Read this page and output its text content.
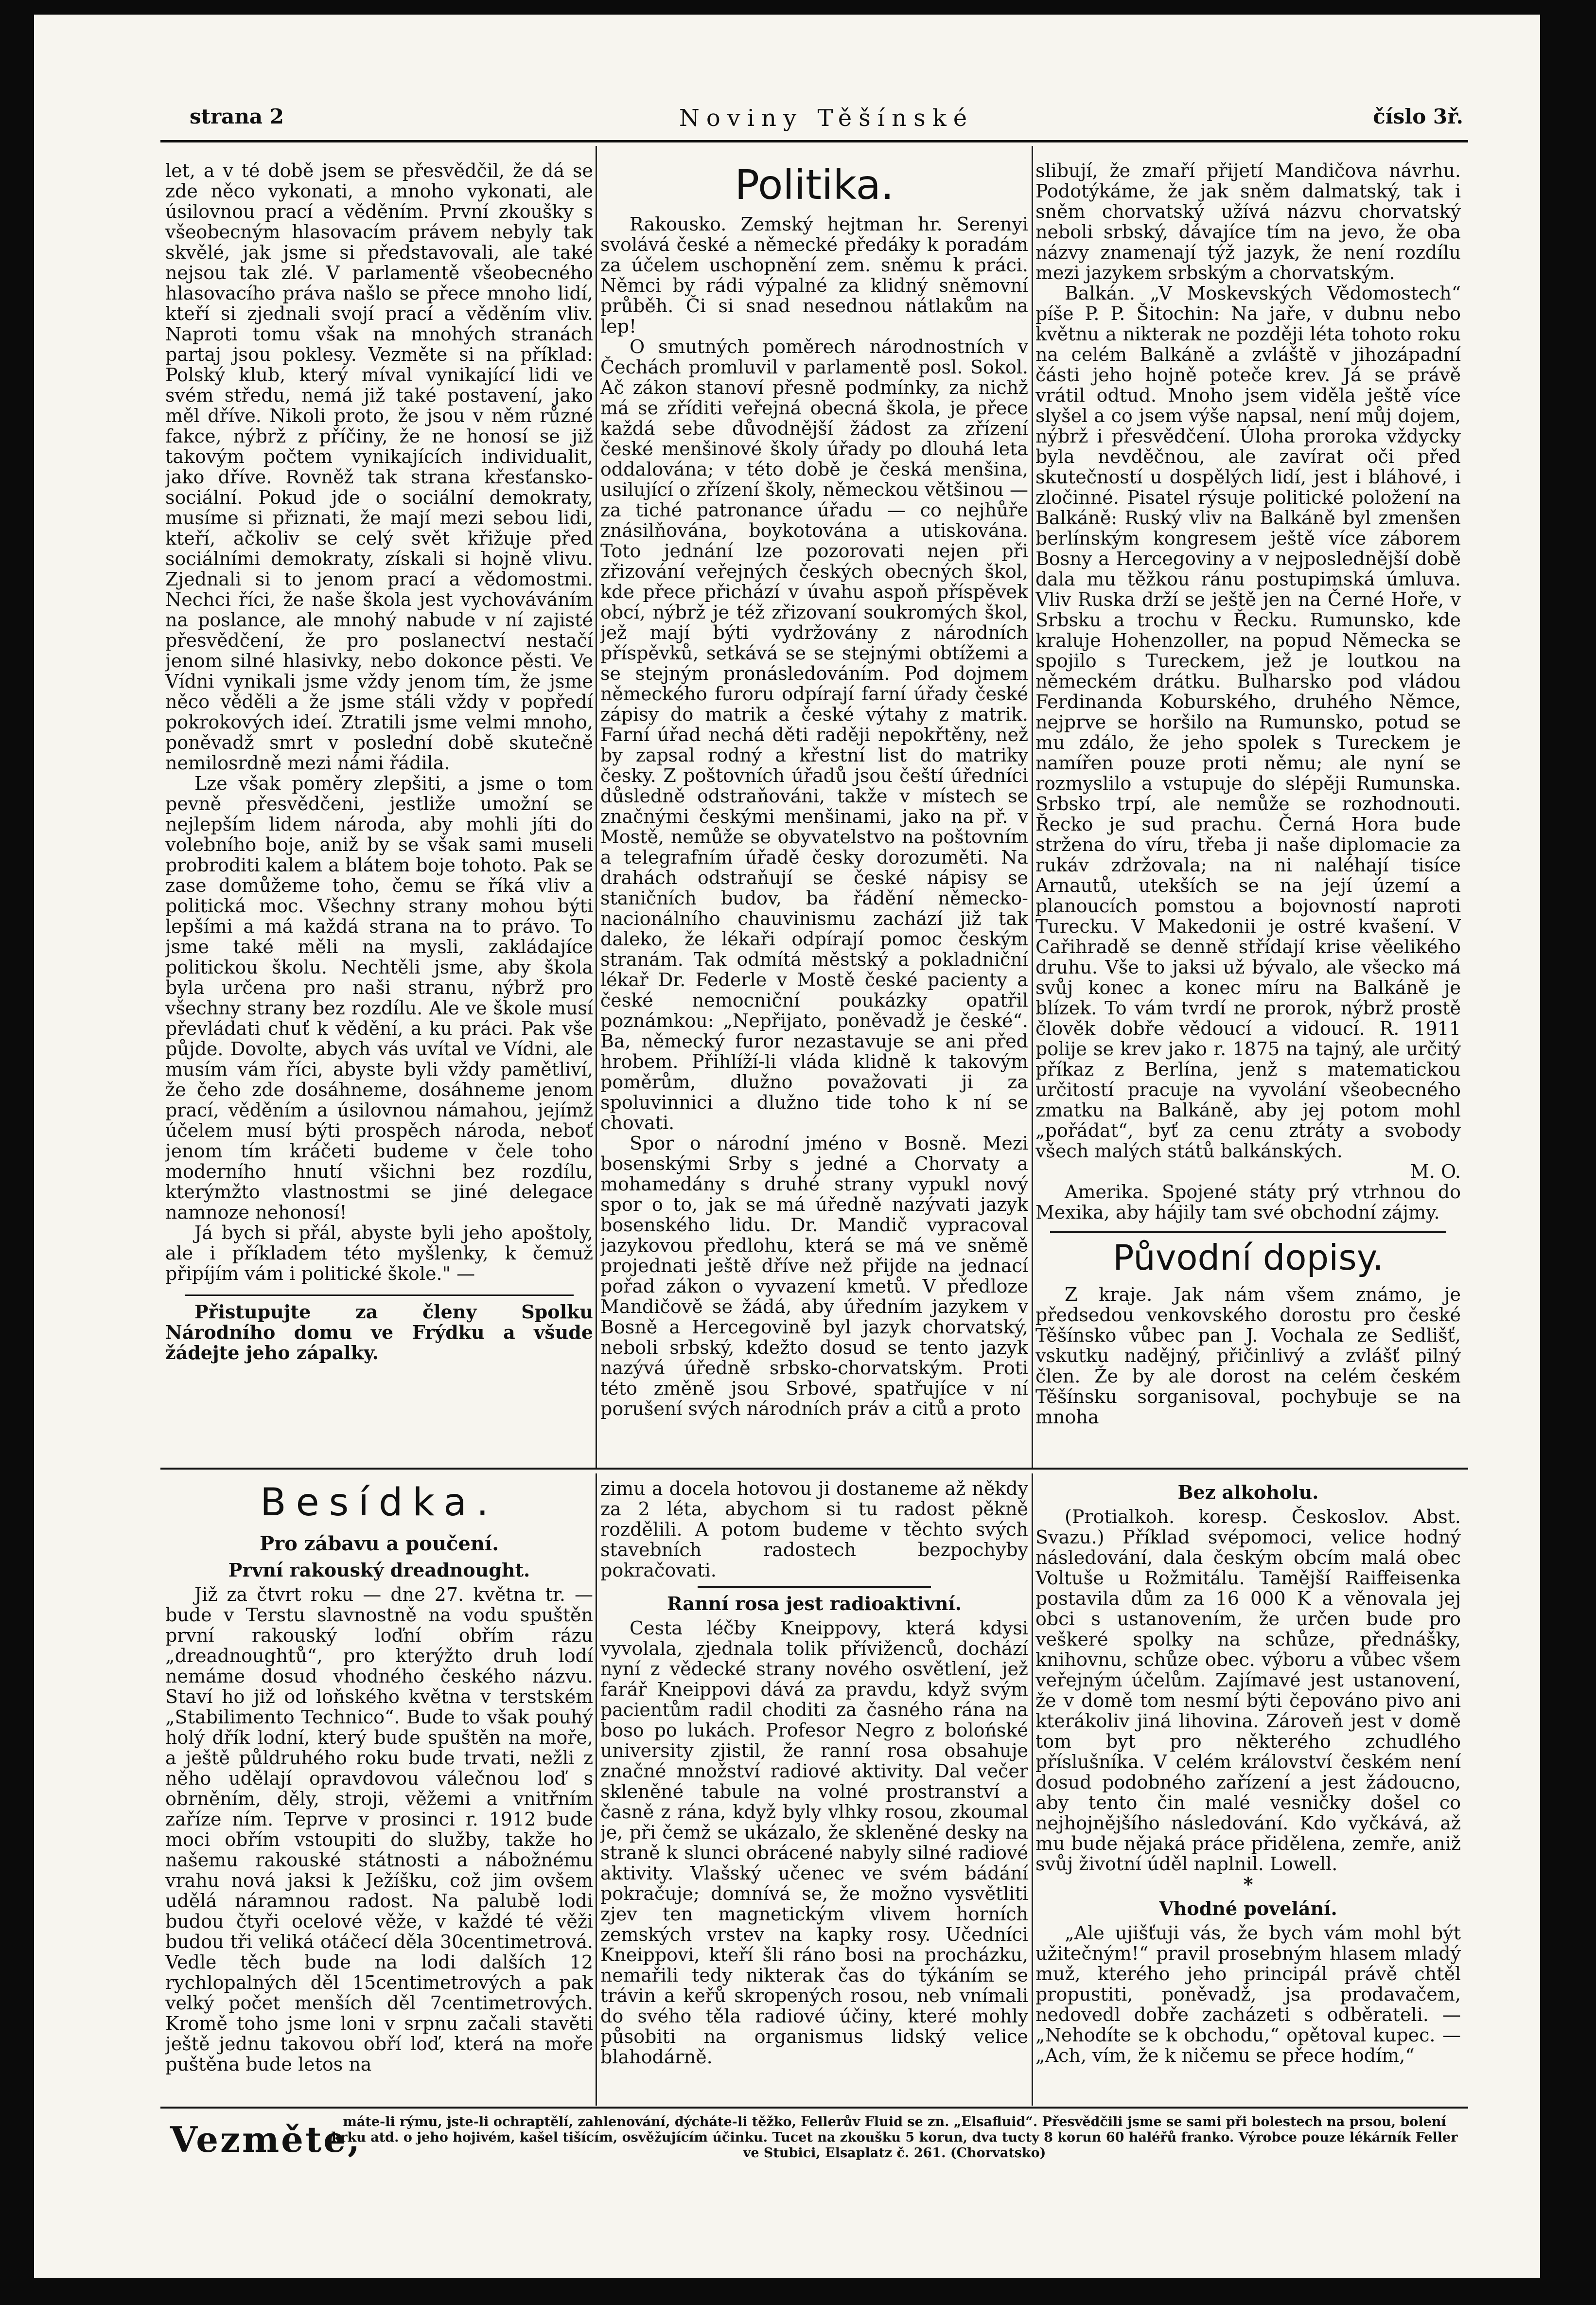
strana 2	Noviny Těšínské	číslo 3ř.

let, a v té době jsem se přesvědčil, že dá se zde něco vykonati, a mnoho vykonati, ale úsilovnou prací a věděním. První zkoušky s všeobecným hlasovacím právem nebyly tak skvělé, jak jsme si představovali, ale také nejsou tak zlé. V parlamentě všeobecného hlasovacího práva našlo se přece mnoho lidí, kteří si zjednali svojí prací a věděním vliv. Naproti tomu však na mnohých stranách partaj jsou poklesy. Vezměte si na příklad: Polský klub, který míval vynikající lidi ve svém středu, nemá již také postavení, jako měl dříve. Nikoli proto, že jsou v něm různé fakce, nýbrž z příčiny, že ne honosí se již takovým počtem vynikajících individualit, jako dříve. Rovněž tak strana křesťansko-sociální. Pokud jde o sociální demokraty, musíme si přiznati, že mají mezi sebou lidi, kteří, ačkoliv se celý svět křižuje před sociálními demokraty, získali si hojně vlivu. Zjednali si to jenom prací a vědomostmi. Nechci říci, že naše škola jest vychováváním na poslance, ale mnohý nabude v ní zajisté přesvědčení, že pro poslanectví nestačí jenom silné hlasivky, nebo dokonce pěsti. Ve Vídni vynikali jsme vždy jenom tím, že jsme něco věděli a že jsme stáli vždy v popředí pokrokových ideí. Ztratili jsme velmi mnoho, poněvadž smrt v poslední době skutečně nemilosrdně mezi námi řádila.

Lze však poměry zlepšiti, a jsme o tom pevně přesvědčeni, jestliže umožní se nejlepším lidem národa, aby mohli jíti do volebního boje, aniž by se však sami museli probroditi kalem a blátem boje tohoto. Pak se zase domůžeme toho, čemu se říká vliv a politická moc. Všechny strany mohou býti lepšími a má každá strana na to právo. To jsme také měli na mysli, zakládajíce politickou školu. Nechtěli jsme, aby škola byla určena pro naši stranu, nýbrž pro všechny strany bez rozdílu. Ale ve škole musí převládati chuť k vědění, a ku práci. Pak vše půjde. Dovolte, abych vás uvítal ve Vídni, ale musím vám říci, abyste byli vždy pamětliví, že čeho zde dosáhneme, dosáhneme jenom prací, věděním a úsilovnou námahou, jejímž účelem musí býti prospěch národa, neboť jenom tím kráčeti budeme v čele toho moderního hnutí všichni bez rozdílu, kterýmžto vlastnostmi se jiné delegace namnoze nehonosí!

Já bych si přál, abyste byli jeho apoštoly, ale i příkladem této myšlenky, k čemuž připíjím vám i politické škole." —

Přistupujte za členy Spolku Národního domu ve Frýdku a všude žádejte jeho zápalky.

Politika.

Rakousko. Zemský hejtman hr. Serenyi svolává české a německé předáky k poradám za účelem uschopnění zem. sněmu k práci. Němci by rádi výpalné za klidný sněmovní průběh. Či si snad nesednou nátlakům na lep!

O smutných poměrech národnostních v Čechách promluvil v parlamentě posl. Sokol. Ač zákon stanoví přesně podmínky, za nichž má se zříditi veřejná obecná škola, je přece každá sebe důvodnější žádost za zřízení české menšinové školy úřady po dlouhá leta oddalována; v této době je česká menšina, usilující o zřízení školy, německou většinou — za tiché patronance úřadu — co nejhůře znásilňována, boykotována a utiskována. Toto jednání lze pozorovati nejen při zřizování veřejných českých obecných škol, kde přece přichází v úvahu aspoň příspěvek obcí, nýbrž je též zřizovaní soukromých škol, jež mají býti vydržovány z národních příspěvků, setkává se se stejnými obtížemi a se stejným pronásledováním. Pod dojmem německého furoru odpírají farní úřady české zápisy do matrik a české výtahy z matrik. Farní úřad nechá děti raději nepokřtěny, než by zapsal rodný a křestní list do matriky česky. Z poštovních úřadů jsou čeští úředníci důsledně odstraňováni, takže v místech se značnými českými menšinami, jako na př. v Mostě, nemůže se obyvatelstvo na poštovním a telegrafním úřadě česky dorozuměti. Na drahách odstraňují se české nápisy se staničních budov, ba řádění německo-nacionálního chauvinismu zachází již tak daleko, že lékaři odpírají pomoc českým stranám. Tak odmítá městský a pokladniční lékař Dr. Federle v Mostě české pacienty a české nemocniční poukázky opatřil poznámkou: „Nepřijato, poněvadž je české“. Ba, německý furor nezastavuje se ani před hrobem. Přihlíží-li vláda klidně k takovým poměrům, dlužno považovati ji za spoluvinnici a dlužno tide toho k ní se chovati.

Spor o národní jméno v Bosně. Mezi bosenskými Srby s jedné a Chorvaty a mohamedány s druhé strany vypukl nový spor o to, jak se má úředně nazývati jazyk bosenského lidu. Dr. Mandič vypracoval jazykovou předlohu, která se má ve sněmě projednati ještě dříve než přijde na jednací pořad zákon o vyvazení kmetů. V předloze Mandičově se žádá, aby úředním jazykem v Bosně a Hercegovině byl jazyk chorvatský, neboli srbský, kdežto dosud se tento jazyk nazývá úředně srbsko-chorvatským. Proti této změně jsou Srbové, spatřujíce v ní porušení svých národních práv a citů a proto

slibují, že zmaří přijetí Mandičova návrhu. Podotýkáme, že jak sněm dalmatský, tak i sněm chorvatský užívá názvu chorvatský neboli srbský, dávajíce tím na jevo, že oba názvy znamenají týž jazyk, že není rozdílu mezi jazykem srbským a chorvatským.

Balkán. „V Moskevských Vědomostech“ píše P. P. Šitochin: Na jaře, v dubnu nebo květnu a nikterak ne později léta tohoto roku na celém Balkáně a zvláště v jihozápadní části jeho hojně poteče krev. Já se právě vrátil odtud. Mnoho jsem viděla ještě více slyšel a co jsem výše napsal, není můj dojem, nýbrž i přesvědčení. Úloha proroka vždycky byla nevděčnou, ale zavírat oči před skutečností u dospělých lidí, jest i bláhové, i zločinné. Pisatel rýsuje politické položení na Balkáně: Ruský vliv na Balkáně byl zmenšen berlínským kongresem ještě více záborem Bosny a Hercegoviny a v nejposlednější době dala mu těžkou ránu postupimská úmluva. Vliv Ruska drží se ještě jen na Černé Hoře, v Srbsku a trochu v Řecku. Rumunsko, kde kraluje Hohenzoller, na popud Německa se spojilo s Tureckem, jež je loutkou na německém drátku. Bulharsko pod vládou Ferdinanda Koburského, druhého Němce, nejprve se horšilo na Rumunsko, potud se mu zdálo, že jeho spolek s Tureckem je namířen pouze proti němu; ale nyní se rozmyslilo a vstupuje do slépěji Rumunska. Srbsko trpí, ale nemůže se rozhodnouti. Řecko je sud prachu. Černá Hora bude stržena do víru, třeba ji naše diplomacie za rukáv zdržovala; na ni naléhají tisíce Arnautů, utekších se na její území a planoucích pomstou a bojovností naproti Turecku. V Makedonii je ostré kvašení. V Cařihradě se denně střídají krise věelikého druhu. Vše to jaksi už bývalo, ale všecko má svůj konec a konec míru na Balkáně je blízek. To vám tvrdí ne prorok, nýbrž prostě člověk dobře vědoucí a vidoucí. R. 1911 polije se krev jako r. 1875 na tajný, ale určitý příkaz z Berlína, jenž s matematickou určitostí pracuje na vyvolání všeobecného zmatku na Balkáně, aby jej potom mohl „pořádat“, byť za cenu ztráty a svobody všech malých států balkánských.

M. O.

Amerika. Spojené státy prý vtrhnou do Mexika, aby hájily tam své obchodní zájmy.

Původní dopisy.

Z kraje. Jak nám všem známo, je předsedou venkovského dorostu pro české Těšínsko vůbec pan J. Vochala ze Sedlišť, vskutku nadějný, přičinlivý a zvlášť pilný člen. Že by ale dorost na celém českém Těšínsku sorganisoval, pochybuje se na mnoha

Besídka.
Pro zábavu a poučení.
První rakouský dreadnought.

Již za čtvrt roku — dne 27. května tr. — bude v Terstu slavnostně na vodu spuštěn první rakouský loďní obřím rázu „dreadnoughtů“, pro kterýžto druh lodí nemáme dosud vhodného českého názvu. Staví ho již od loňského května v terstském „Stabilimento Technico“. Bude to však pouhý holý dřík lodní, který bude spuštěn na moře, a ještě půldruhého roku bude trvati, nežli z něho udělají opravdovou válečnou loď s obrněním, děly, stroji, věžemi a vnitřním zaříze ním. Teprve v prosinci r. 1912 bude moci obřím vstoupiti do služby, takže ho našemu rakouské státnosti a nábožnému vrahu nová jaksi k Ježíšku, což jim ovšem udělá náramnou radost. Na palubě lodi budou čtyři ocelové věže, v každé té věži budou tři veliká otáčecí děla 30centimetrová. Vedle těch bude na lodi dalších 12 rychlopalných děl 15centimetrových a pak velký počet menších děl 7centimetrových. Kromě toho jsme loni v srpnu začali stavěti ještě jednu takovou obří loď, která na moře puštěna bude letos na

zimu a docela hotovou ji dostaneme až někdy za 2 léta, abychom si tu radost pěkně rozdělili. A potom budeme v těchto svých stavebních radostech bezpochyby pokračovati.

Ranní rosa jest radioaktivní.

Cesta léčby Kneippovy, která kdysi vyvolala, zjednala tolik příviženců, dochází nyní z vědecké strany nového osvětlení, jež farář Kneippovi dává za pravdu, když svým pacientům radil choditi za časného rána na boso po lukách. Profesor Negro z bolońské university zjistil, že ranní rosa obsahuje značné množství radiové aktivity. Dal večer skleněné tabule na volné prostranství a časně z rána, když byly vlhky rosou, zkoumal je, při čemž se ukázalo, že skleněné desky na straně k slunci obrácené nabyly silné radiové aktivity. Vlašský učenec ve svém bádání pokračuje; domnívá se, že možno vysvětliti zjev ten magnetickým vlivem horních zemských vrstev na kapky rosy. Učedníci Kneippovi, kteří šli ráno bosi na procházku, nemařili tedy nikterak čas do týkáním se trávin a keřů skropených rosou, neb vnímali do svého těla radiové účiny, které mohly působiti na organismus lidský velice blahodárně.

Bez alkoholu.

(Protialkoh. koresp. Českoslov. Abst. Svazu.) Příklad svépomoci, velice hodný následování, dala českým obcím malá obec Voltuše u Rožmitálu. Tamější Raiffeisenka postavila dům za 16 000 K a věnovala jej obci s ustanovením, že určen bude pro veškeré spolky na schůze, přednášky, knihovnu, schůze obec. výboru a vůbec všem veřejným účelům. Zajímavé jest ustanovení, že v domě tom nesmí býti čepováno pivo ani kterákoliv jiná lihovina. Zároveň jest v domě tom byt pro některého zchudlého příslušníka. V celém království českém není dosud podobného zařízení a jest žádoucno, aby tento čin malé vesničky došel co nejhojnějšího následování. Kdo vyčkává, až mu bude nějaká práce přidělena, zemře, aniž svůj životní úděl naplnil. Lowell.

*
Vhodné povelání.

„Ale ujišťuji vás, že bych vám mohl být užitečným!“ pravil prosebným hlasem mladý muž, kterého jeho principál právě chtěl propustiti, poněvadž, jsa prodavačem, nedovedl dobře zacházeti s odběrateli. — „Nehodíte se k obchodu,“ opětoval kupec. — „Ach, vím, že k ničemu se přece hodím,“

Vezměte,
máte-li rýmu, jste-li ochraptělí, zahlenování, dýcháte-li těžko, Fellerův Fluid se zn. „Elsafluid“. Přesvědčili jsme se sami při bolestech na prsou, bolení krku atd. o jeho hojivém, kašel tišícím, osvěžujícím účinku. Tucet na zkoušku 5 korun, dva tucty 8 korun 60 haléřů franko. Výrobce pouze lékárník Feller ve Stubici, Elsaplatz č. 261. (Chorvatsko)
